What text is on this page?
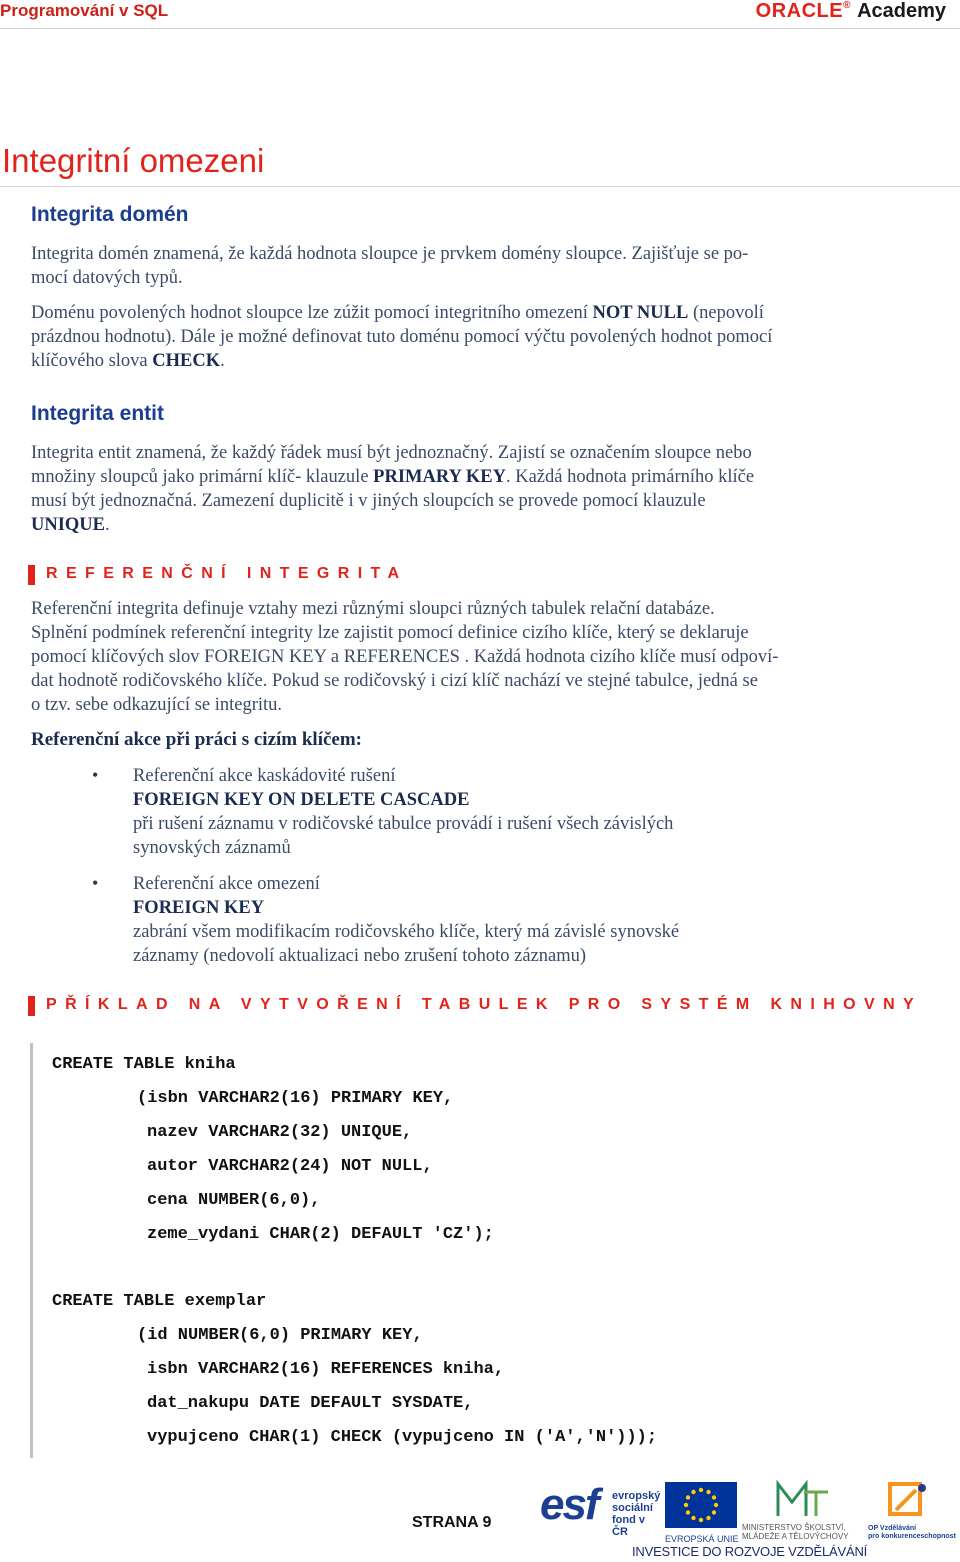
Programování v SQL	ORACLE® Academy
Integritní omezeni
Integrita domén
Integrita domén znamená, že každá hodnota sloupce je prvkem domény sloupce. Zajišťuje se po-
mocí datových typů.
Doménu povolených hodnot sloupce lze zúžit pomocí integritního omezení NOT NULL (nepovolí
prázdnou hodnotu). Dále je možné definovat tuto doménu pomocí výčtu povolených hodnot pomocí
klíčového slova CHECK.
Integrita entit
Integrita entit znamená, že každý řádek musí být jednoznačný. Zajistí se označením sloupce nebo
množiny sloupců jako primární klíč- klauzule PRIMARY KEY. Každá hodnota primárního klíče
musí být jednoznačná. Zamezení duplicitě i v jiných sloupcích se provede pomocí klauzule
UNIQUE.
REFERENČNÍ INTEGRITA
Referenční integrita definuje vztahy mezi různými sloupci různých tabulek relační databáze.
Splnění podmínek referenční integrity lze zajistit pomocí definice cizího klíče, který se deklaruje
pomocí klíčových slov FOREIGN KEY a REFERENCES . Každá hodnota cizího klíče musí odpoví-
dat hodnotě rodičovského klíče. Pokud se rodičovský i cizí klíč nachází ve stejné tabulce, jedná se
o tzv. sebe odkazující se integritu.
Referenční akce při práci s cizím klíčem:
• Referenční akce kaskádovité rušení
FOREIGN KEY ON DELETE CASCADE
při rušení záznamu v rodičovské tabulce provádí i rušení všech závislých
synovských záznamů
• Referenční akce omezení
FOREIGN KEY
zabrání všem modifikacím rodičovského klíče, který má závislé synovské
záznamy (nedovolí aktualizaci nebo zrušení tohoto záznamu)
PŘÍKLAD NA VYTVOŘENÍ TABULEK PRO SYSTÉM KNIHOVNY
CREATE TABLE kniha
(isbn VARCHAR2(16) PRIMARY KEY,
nazev VARCHAR2(32) UNIQUE,
autor VARCHAR2(24) NOT NULL,
cena NUMBER(6,0),
zeme_vydani CHAR(2) DEFAULT 'CZ');
CREATE TABLE exemplar
(id NUMBER(6,0) PRIMARY KEY,
isbn VARCHAR2(16) REFERENCES kniha,
dat_nakupu DATE DEFAULT SYSDATE,
vypujceno CHAR(1) CHECK (vypujceno IN ('A','N')));
STRANA 9 esf evropský
sociální
fond v ČR
EVROPSKÁ UNIE
MINISTERSTVO ŠKOLSTVÍ,
MLÁDEŽE A TĚLOVÝCHOVY
OP Vzdělávání
pro konkurenceschopnost
INVESTICE DO ROZVOJE VZDĚLÁVÁNÍ
